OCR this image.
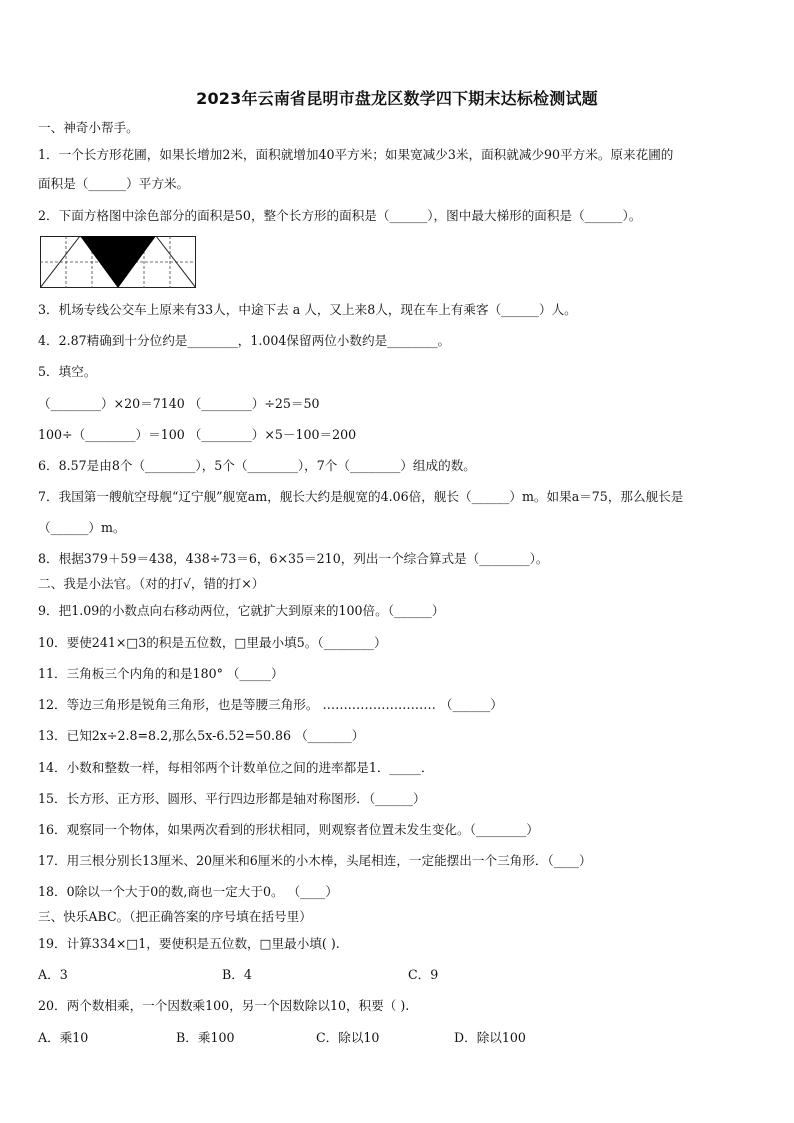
2023年云南省昆明市盘龙区数学四下期末达标检测试题
一、神奇小帮手。
1．一个长方形花圃，如果长增加2米，面积就增加40平方米；如果宽减少3米，面积就减少90平方米。原来花圃的
面积是（______）平方米。
2．下面方格图中涂色部分的面积是50，整个长方形的面积是（______），图中最大梯形的面积是（______）。
3．机场专线公交车上原来有33人，中途下去 a 人，又上来8人，现在车上有乘客（______）人。
4．2.87精确到十分位约是________，1.004保留两位小数约是________。
5．填空。
（________）×20＝7140 （________）÷25＝50
100÷（________）＝100 （________）×5－100＝200
6．8.57是由8个（________），5个（________），7个（________）组成的数。
7．我国第一艘航空母舰“辽宁舰”舰宽am，舰长大约是舰宽的4.06倍，舰长（______）m。如果a＝75，那么舰长是
（______）m。
8．根据379＋59＝438，438÷73＝6，6×35＝210，列出一个综合算式是（________）。
二、我是小法官。（对的打√，错的打×）
9．把1.09的小数点向右移动两位，它就扩大到原来的100倍。（______）
10．要使241×□3的积是五位数，□里最小填5。（________）
11．三角板三个内角的和是180° （_____）
12．等边三角形是锐角三角形，也是等腰三角形。 ……………………… （______）
13．已知2x÷2.8=8.2,那么5x-6.52=50.86 （_______）
14．小数和整数一样，每相邻两个计数单位之间的进率都是1．_____．
15．长方形、正方形、圆形、平行四边形都是轴对称图形．（______）
16．观察同一个物体，如果两次看到的形状相同，则观察者位置未发生变化。（________）
17．用三根分别长13厘米、20厘米和6厘米的小木棒，头尾相连，一定能摆出一个三角形．（____）
18．0除以一个大于0的数,商也一定大于0。 （____）
三、快乐ABC。（把正确答案的序号填在括号里）
19．计算334×□1，要使积是五位数，□里最小填( ).
A．3	B．4	C．9
20．两个数相乘，一个因数乘100，另一个因数除以10，积要（ ).
A．乘10	B．乘100	C．除以10	D．除以100
